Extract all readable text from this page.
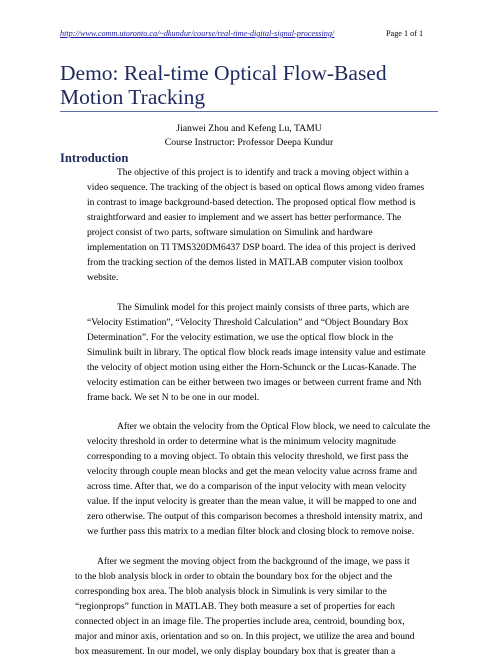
http://www.comm.utoronto.ca/~dkundur/course/real-time-digital-signal-processing/	Page 1 of 1
Demo: Real-time Optical Flow-Based
Motion Tracking
Jianwei Zhou and Kefeng Lu, TAMU
Course Instructor: Professor Deepa Kundur
Introduction
The objective of this project is to identify and track a moving object within a
video sequence. The tracking of the object is based on optical flows among video frames
in contrast to image background-based detection. The proposed optical flow method is
straightforward and easier to implement and we assert has better performance. The
project consist of two parts, software simulation on Simulink and hardware
implementation on TI TMS320DM6437 DSP board. The idea of this project is derived
from the tracking section of the demos listed in MATLAB computer vision toolbox
website.
The Simulink model for this project mainly consists of three parts, which are
“Velocity Estimation”, “Velocity Threshold Calculation” and “Object Boundary Box
Determination”. For the velocity estimation, we use the optical flow block in the
Simulink built in library. The optical flow block reads image intensity value and estimate
the velocity of object motion using either the Horn-Schunck or the Lucas-Kanade. The
velocity estimation can be either between two images or between current frame and Nth
frame back. We set N to be one in our model.
After we obtain the velocity from the Optical Flow block, we need to calculate the
velocity threshold in order to determine what is the minimum velocity magnitude
corresponding to a moving object. To obtain this velocity threshold, we first pass the
velocity through couple mean blocks and get the mean velocity value across frame and
across time. After that, we do a comparison of the input velocity with mean velocity
value. If the input velocity is greater than the mean value, it will be mapped to one and
zero otherwise. The output of this comparison becomes a threshold intensity matrix, and
we further pass this matrix to a median filter block and closing block to remove noise.
After we segment the moving object from the background of the image, we pass it
to the blob analysis block in order to obtain the boundary box for the object and the
corresponding box area. The blob analysis block in Simulink is very similar to the
“regionprops” function in MATLAB. They both measure a set of properties for each
connected object in an image file. The properties include area, centroid, bounding box,
major and minor axis, orientation and so on. In this project, we utilize the area and bound
box measurement. In our model, we only display boundary box that is greater than a
